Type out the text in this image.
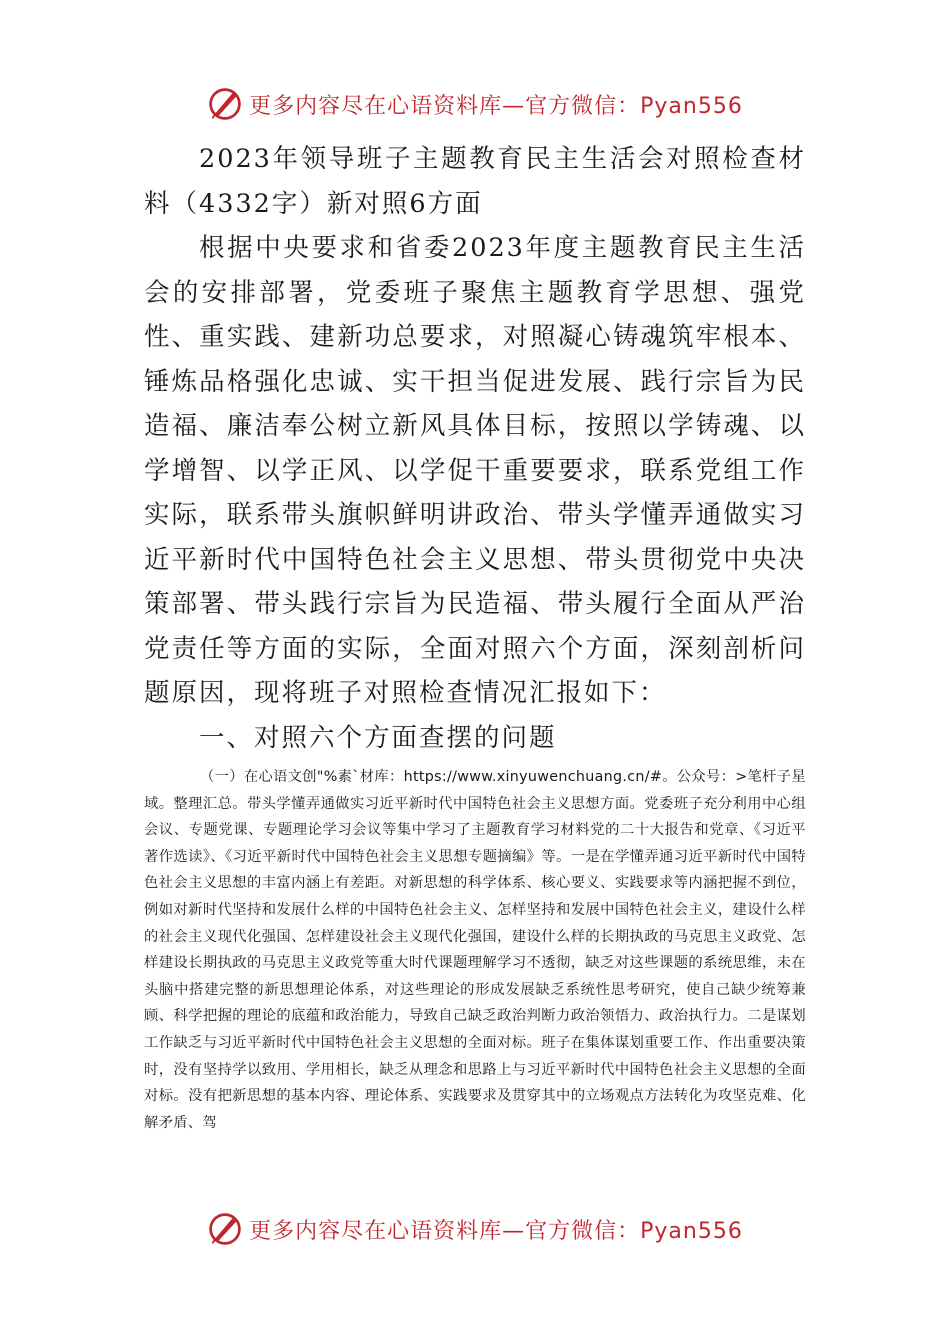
更多内容尽在心语资料库—官方微信：Pyan556

2023年领导班子主题教育民主生活会对照检查材料（4332字）新对照6方面

根据中央要求和省委2023年度主题教育民主生活会的安排部署，党委班子聚焦主题教育学思想、强党性、重实践、建新功总要求，对照凝心铸魂筑牢根本、锤炼品格强化忠诚、实干担当促进发展、践行宗旨为民造福、廉洁奉公树立新风具体目标，按照以学铸魂、以学增智、以学正风、以学促干重要要求，联系党组工作实际，联系带头旗帜鲜明讲政治、带头学懂弄通做实习近平新时代中国特色社会主义思想、带头贯彻党中央决策部署、带头践行宗旨为民造福、带头履行全面从严治党责任等方面的实际，全面对照六个方面，深刻剖析问题原因，现将班子对照检查情况汇报如下：

一、对照六个方面查摆的问题

（一）在心语文创"%素`材库：https://www.xinyuwenchuang.cn/#。公众号：>笔杆子星域。整理汇总。带头学懂弄通做实习近平新时代中国特色社会主义思想方面。党委班子充分利用中心组会议、专题党课、专题理论学习会议等集中学习了主题教育学习材料党的二十大报告和党章、《习近平著作选读》、《习近平新时代中国特色社会主义思想专题摘编》等。一是在学懂弄通习近平新时代中国特色社会主义思想的丰富内涵上有差距。对新思想的科学体系、核心要义、实践要求等内涵把握不到位，例如对新时代坚持和发展什么样的中国特色社会主义、怎样坚持和发展中国特色社会主义，建设什么样的社会主义现代化强国、怎样建设社会主义现代化强国，建设什么样的长期执政的马克思主义政党、怎样建设长期执政的马克思主义政党等重大时代课题理解学习不透彻，缺乏对这些课题的系统思维，未在头脑中搭建完整的新思想理论体系，对这些理论的形成发展缺乏系统性思考研究，使自己缺少统筹兼顾、科学把握的理论的底蕴和政治能力，导致自己缺乏政治判断力政治领悟力、政治执行力。二是谋划工作缺乏与习近平新时代中国特色社会主义思想的全面对标。班子在集体谋划重要工作、作出重要决策时，没有坚持学以致用、学用相长，缺乏从理念和思路上与习近平新时代中国特色社会主义思想的全面对标。没有把新思想的基本内容、理论体系、实践要求及贯穿其中的立场观点方法转化为攻坚克难、化解矛盾、驾

更多内容尽在心语资料库—官方微信：Pyan556
